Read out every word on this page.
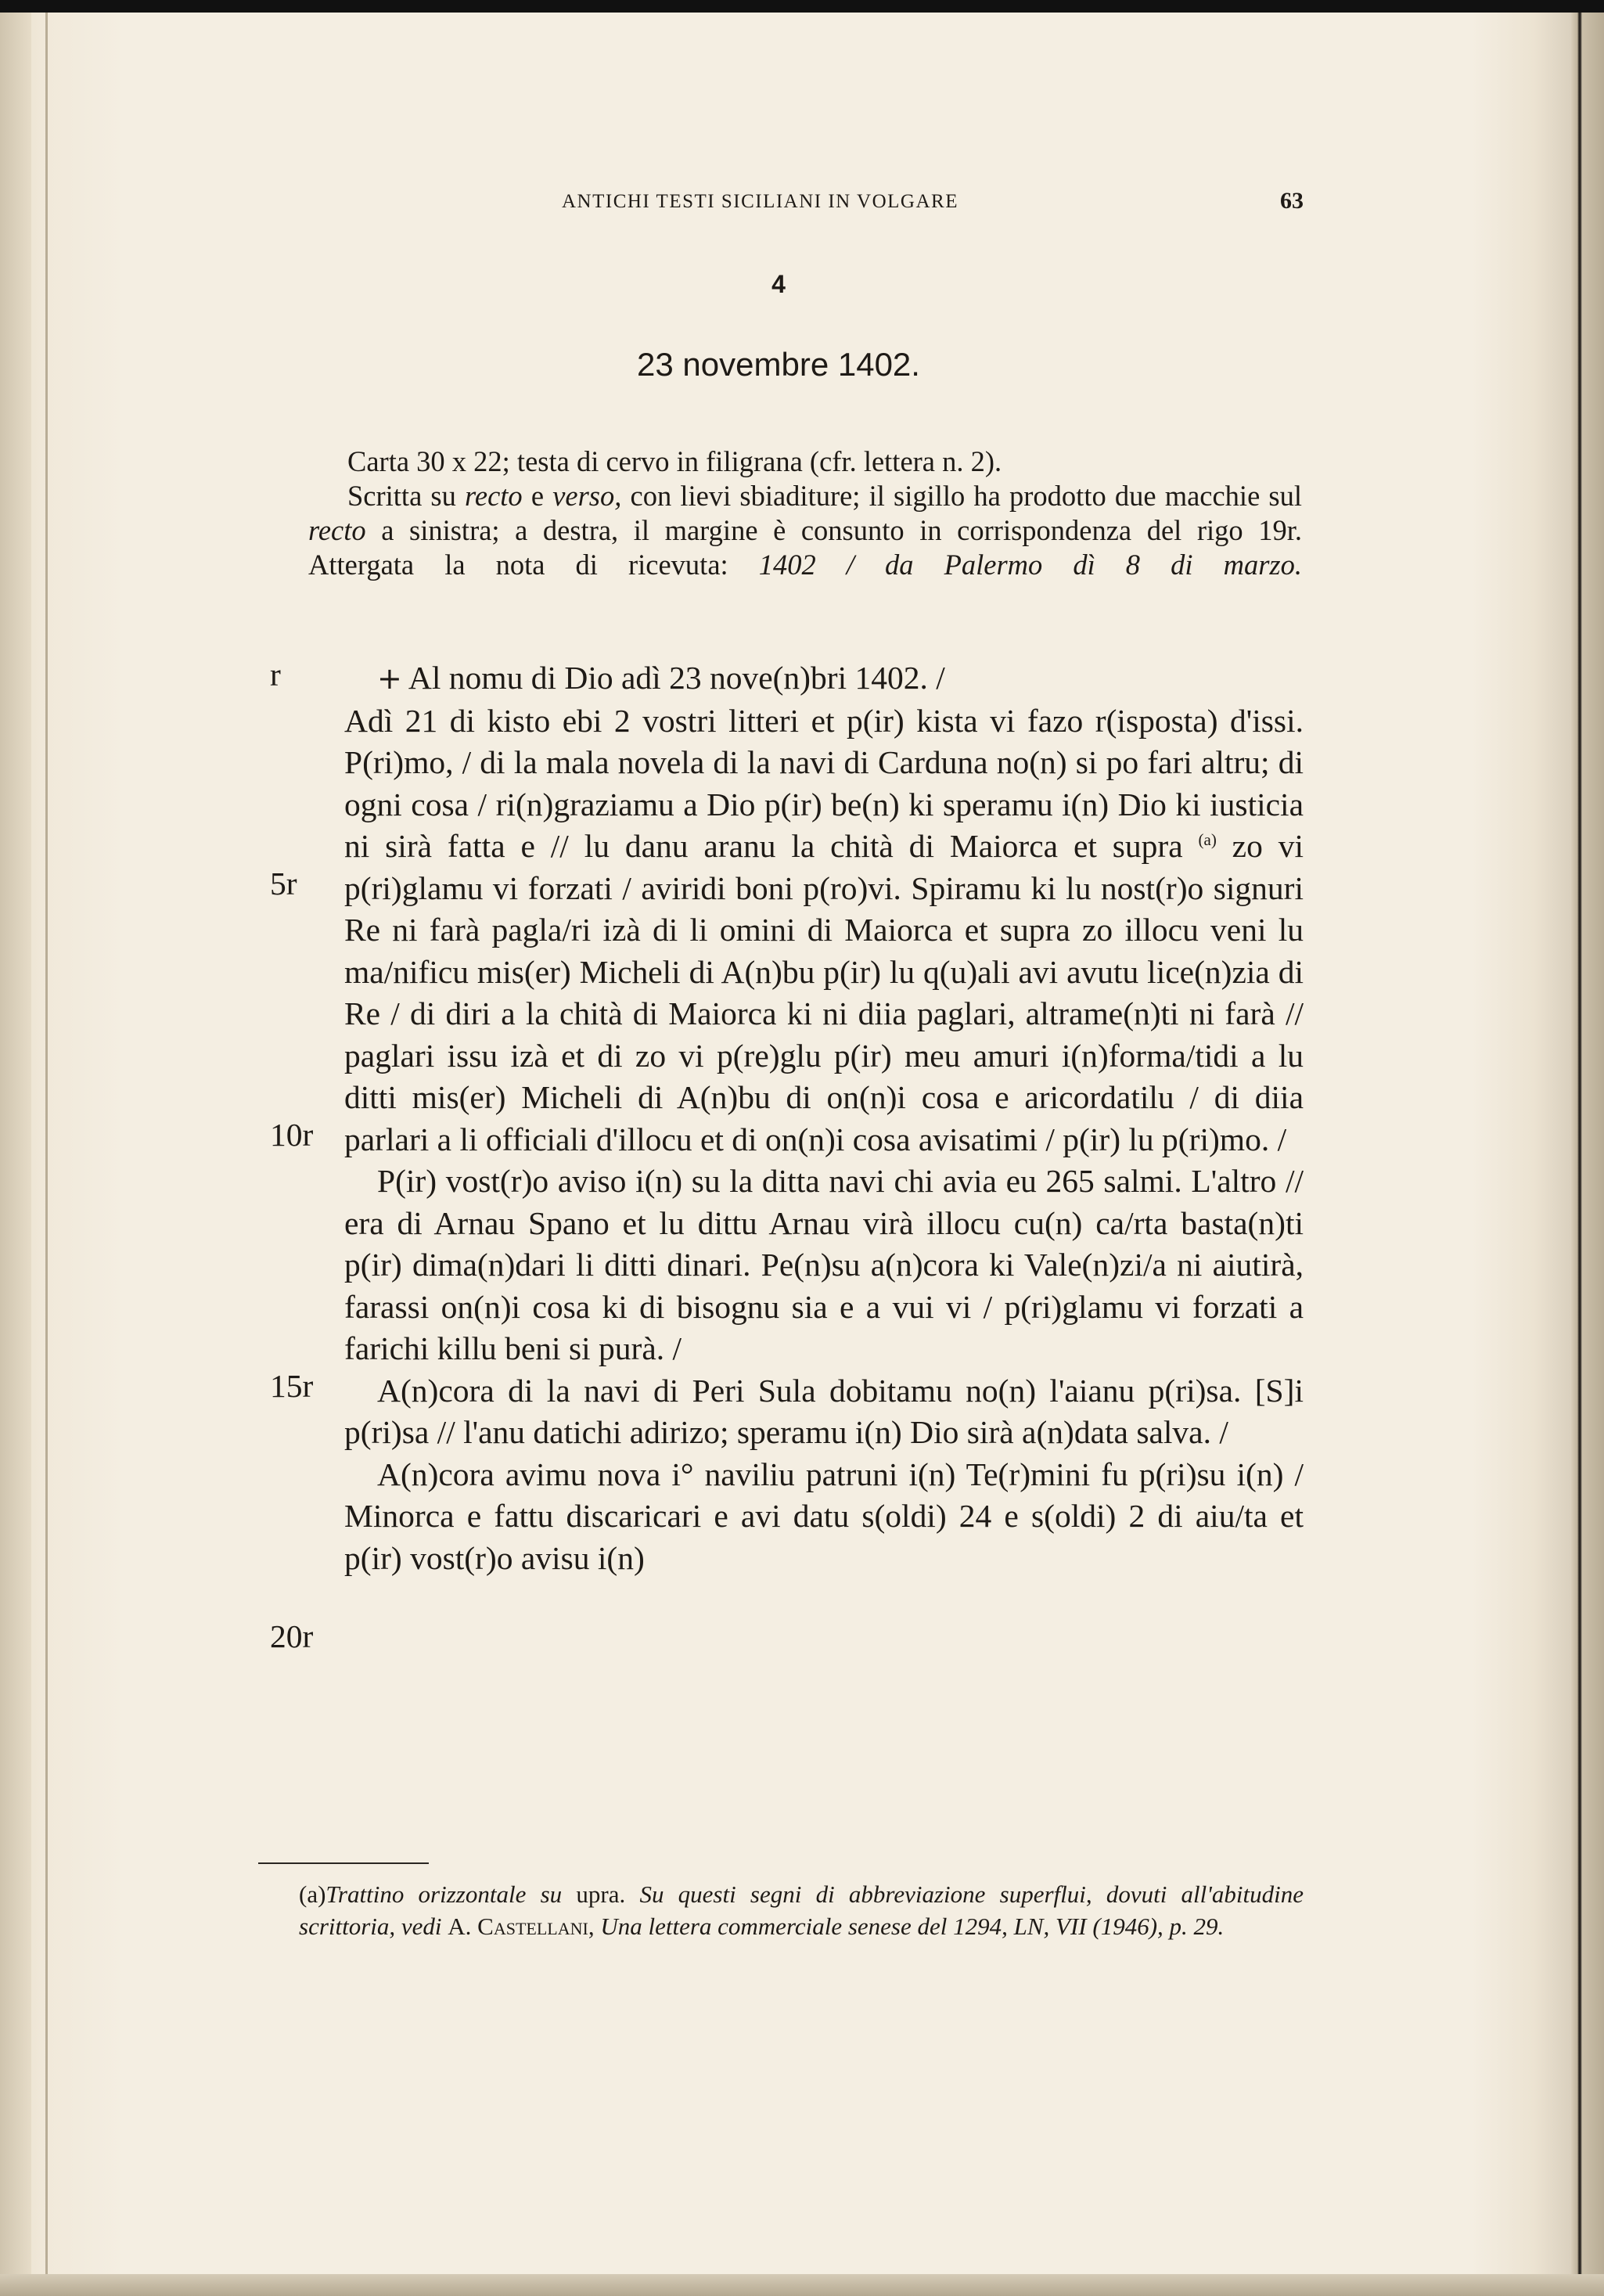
ANTICHI TESTI SICILIANI IN VOLGARE	63
4
23 novembre 1402.

Carta 30 x 22; testa di cervo in filigrana (cfr. lettera n. 2).

Scritta su recto e verso, con lievi sbiaditure; il sigillo ha prodotto due macchie sul recto a sinistra; a destra, il margine è consunto in corrispondenza del rigo 19r. Attergata la nota di ricevuta: 1402 / da Palermo dì 8 di marzo.

r
5r
10r
15r
20r

+ Al nomu di Dio adì 23 nove(n)bri 1402. /

Adì 21 di kisto ebi 2 vostri litteri et p(ir) kista vi fazo r(isposta) d'issi. P(ri)mo, / di la mala novela di la navi di Carduna no(n) si po fari altru; di ogni cosa / ri(n)graziamu a Dio p(ir) be(n) ki speramu i(n) Dio ki iusticia ni sirà fatta e // lu danu aranu la chità di Maiorca et supra $^{(a)}$ zo vi p(ri)glamu vi forzati / aviridi boni p(ro)vi. Spiramu ki lu nost(r)o signuri Re ni farà pagla/ri izà di li omini di Maiorca et supra zo illocu veni lu ma/nificu mis(er) Micheli di A(n)bu p(ir) lu q(u)ali avi avutu lice(n)zia di Re / di diri a la chità di Maiorca ki ni diia paglari, altrame(n)ti ni farà // paglari issu izà et di zo vi p(re)glu p(ir) meu amuri i(n)forma/tidi a lu ditti mis(er) Micheli di A(n)bu di on(n)i cosa e aricordatilu / di diia parlari a li officiali d'illocu et di on(n)i cosa avisatimi / p(ir) lu p(ri)mo. /

P(ir) vost(r)o aviso i(n) su la ditta navi chi avia eu 265 salmi. L'altro // era di Arnau Spano et lu dittu Arnau virà illocu cu(n) ca/rta basta(n)ti p(ir) dima(n)dari li ditti dinari. Pe(n)su a(n)cora ki Vale(n)zi/a ni aiutirà, farassi on(n)i cosa ki di bisognu sia e a vui vi / p(ri)glamu vi forzati a farichi killu beni si purà. /

A(n)cora di la navi di Peri Sula dobitamu no(n) l'aianu p(ri)sa. [S]i p(ri)sa // l'anu datichi adirizo; speramu i(n) Dio sirà a(n)data salva. /

A(n)cora avimu nova i° naviliu patruni i(n) Te(r)mini fu p(ri)su i(n) / Minorca e fattu discaricari e avi datu s(oldi) 24 e s(oldi) 2 di aiu/ta et p(ir) vost(r)o avisu i(n)

(a)Trattino orizzontale su upra. Su questi segni di abbreviazione superflui, dovuti all'abitudine scrittoria, vedi A. Castellani, Una lettera commerciale senese del 1294, LN, VII (1946), p. 29.
